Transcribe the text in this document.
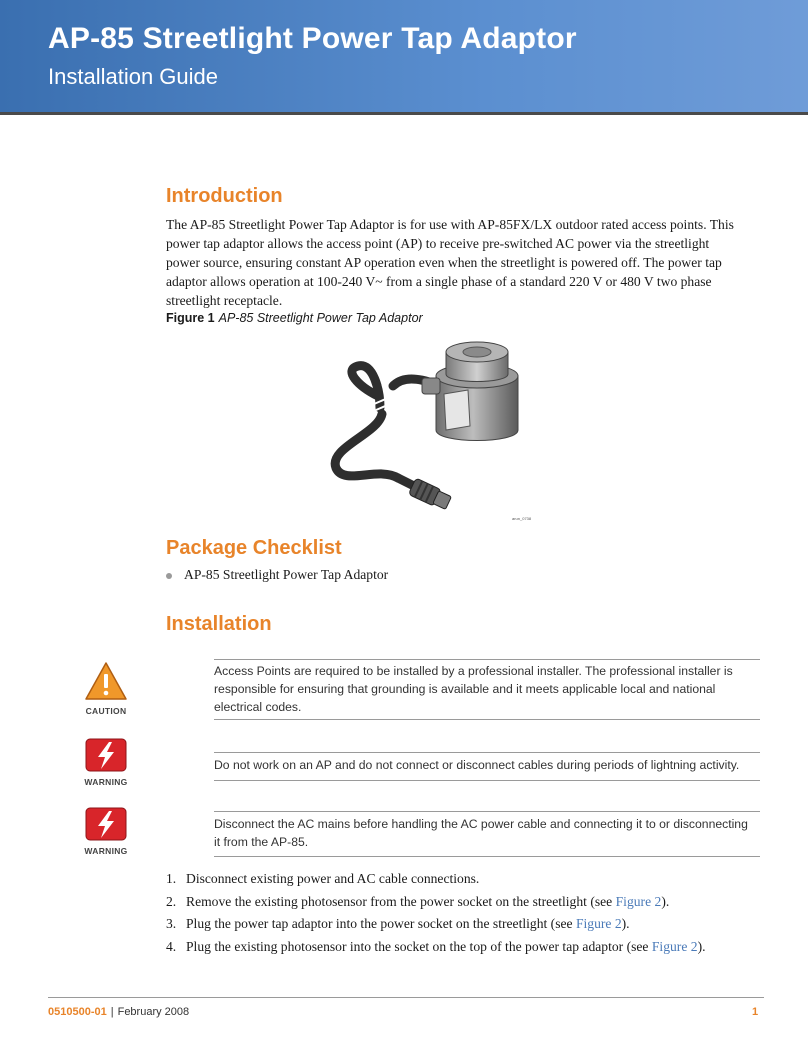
AP-85 Streetlight Power Tap Adaptor

Installation Guide

Introduction
The AP-85 Streetlight Power Tap Adaptor is for use with AP-85FX/LX outdoor rated access points. This
power tap adaptor allows the access point (AP) to receive pre-switched AC power via the streetlight
power source, ensuring constant AP operation even when the streetlight is powered off. The power tap
adaptor allows operation at 100-240 V~ from a single phase of a standard 220 V or 480 V two phase
streetlight receptacle.

Figure 1 AP-85 Streetlight Power Tap Adaptor

arun_0738
Package Checklist
AP-85 Streetlight Power Tap Adaptor
Installation
CAUTION

Access Points are required to be installed by a professional installer. The professional installer is

responsible for ensuring that grounding is available and it meets applicable local and national

electrical codes.

WARNING

Do not work on an AP and do not connect or disconnect cables during periods of lightning activity.

WARNING

Disconnect the AC mains before handling the AC power cable and connecting it to or disconnecting

it from the AP-85.

1. Disconnect existing power and AC cable connections.
2. Remove the existing photosensor from the power socket on the streetlight (see Figure 2).
3. Plug the power tap adaptor into the power socket on the streetlight (see Figure 2).
4. Plug the existing photosensor into the socket on the top of the power tap adaptor (see Figure 2).
0510500-01 | February 2008	1
